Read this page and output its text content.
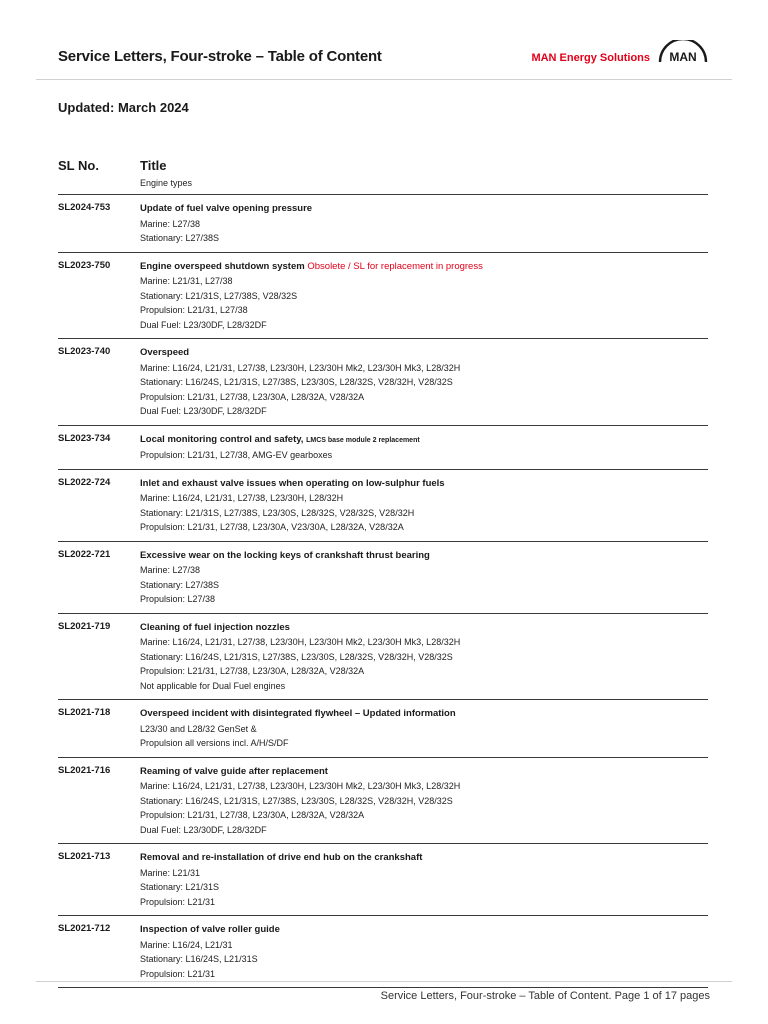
Service Letters, Four-stroke – Table of Content	MAN Energy Solutions MAN
Updated: March 2024
SL No.	Title
Engine types
SL2024-753	Update of fuel valve opening pressure
Marine: L27/38
Stationary: L27/38S
SL2023-750	Engine overspeed shutdown system Obsolete / SL for replacement in progress
Marine: L21/31, L27/38
Stationary: L21/31S, L27/38S, V28/32S
Propulsion: L21/31, L27/38
Dual Fuel: L23/30DF, L28/32DF
SL2023-740	Overspeed
Marine: L16/24, L21/31, L27/38, L23/30H, L23/30H Mk2, L23/30H Mk3, L28/32H
Stationary: L16/24S, L21/31S, L27/38S, L23/30S, L28/32S, V28/32H, V28/32S
Propulsion: L21/31, L27/38, L23/30A, L28/32A, V28/32A
Dual Fuel: L23/30DF, L28/32DF
SL2023-734	Local monitoring control and safety, LMCS base module 2 replacement
Propulsion: L21/31, L27/38, AMG-EV gearboxes
SL2022-724	Inlet and exhaust valve issues when operating on low-sulphur fuels
Marine: L16/24, L21/31, L27/38, L23/30H, L28/32H
Stationary: L21/31S, L27/38S, L23/30S, L28/32S, V28/32S, V28/32H
Propulsion: L21/31, L27/38, L23/30A, V23/30A, L28/32A, V28/32A
SL2022-721	Excessive wear on the locking keys of crankshaft thrust bearing
Marine: L27/38
Stationary: L27/38S
Propulsion: L27/38
SL2021-719	Cleaning of fuel injection nozzles
Marine: L16/24, L21/31, L27/38, L23/30H, L23/30H Mk2, L23/30H Mk3, L28/32H
Stationary: L16/24S, L21/31S, L27/38S, L23/30S, L28/32S, V28/32H, V28/32S
Propulsion: L21/31, L27/38, L23/30A, L28/32A, V28/32A
Not applicable for Dual Fuel engines
SL2021-718	Overspeed incident with disintegrated flywheel – Updated information
L23/30 and L28/32 GenSet &
Propulsion all versions incl. A/H/S/DF
SL2021-716	Reaming of valve guide after replacement
Marine: L16/24, L21/31, L27/38, L23/30H, L23/30H Mk2, L23/30H Mk3, L28/32H
Stationary: L16/24S, L21/31S, L27/38S, L23/30S, L28/32S, V28/32H, V28/32S
Propulsion: L21/31, L27/38, L23/30A, L28/32A, V28/32A
Dual Fuel: L23/30DF, L28/32DF
SL2021-713	Removal and re-installation of drive end hub on the crankshaft
Marine: L21/31
Stationary: L21/31S
Propulsion: L21/31
SL2021-712	Inspection of valve roller guide
Marine: L16/24, L21/31
Stationary: L16/24S, L21/31S
Propulsion: L21/31
Service Letters, Four-stroke – Table of Content. Page 1 of 17 pages
